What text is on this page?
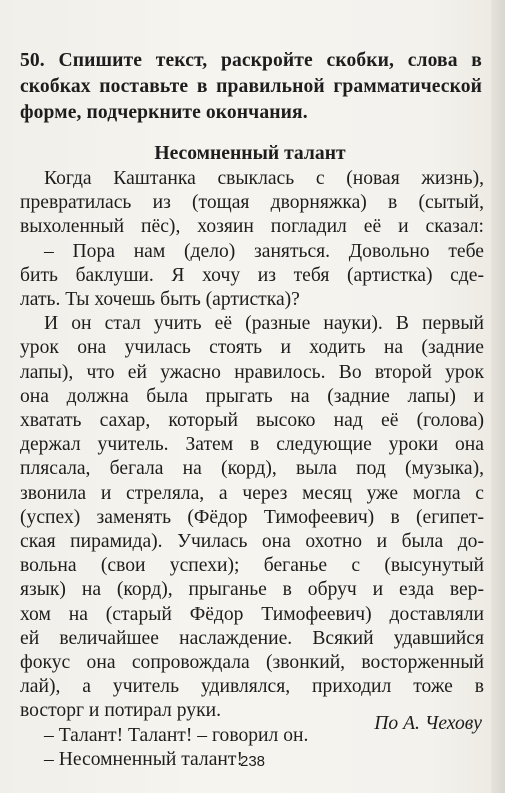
50. Спишите текст, раскройте скобки, слова в скобках поставьте в правильной грамматической форме, подчеркните окончания.
Несомненный талант
Когда Каштанка свыклась с (новая жизнь),
превратилась из (тощая дворняжка) в (сытый,
выхоленный пёс), хозяин погладил её и сказал:
– Пора нам (дело) заняться. Довольно тебе
бить баклуши. Я хочу из тебя (артистка) сде-
лать. Ты хочешь быть (артистка)?
И он стал учить её (разные науки). В первый
урок она училась стоять и ходить на (задние
лапы), что ей ужасно нравилось. Во второй урок
она должна была прыгать на (задние лапы) и
хватать сахар, который высоко над её (голова)
держал учитель. Затем в следующие уроки она
плясала, бегала на (корд), выла под (музыка),
звонила и стреляла, а через месяц уже могла с
(успех) заменять (Фёдор Тимофеевич) в (египет-
ская пирамида). Училась она охотно и была до-
вольна (свои успехи); беганье с (высунутый
язык) на (корд), прыганье в обруч и езда вер-
хом на (старый Фёдор Тимофеевич) доставляли
ей величайшее наслаждение. Всякий удавшийся
фокус она сопровождала (звонкий, восторженный
лай), а учитель удивлялся, приходил тоже в
восторг и потирал руки.
– Талант! Талант! – говорил он.
– Несомненный талант!
По А. Чехову
238
